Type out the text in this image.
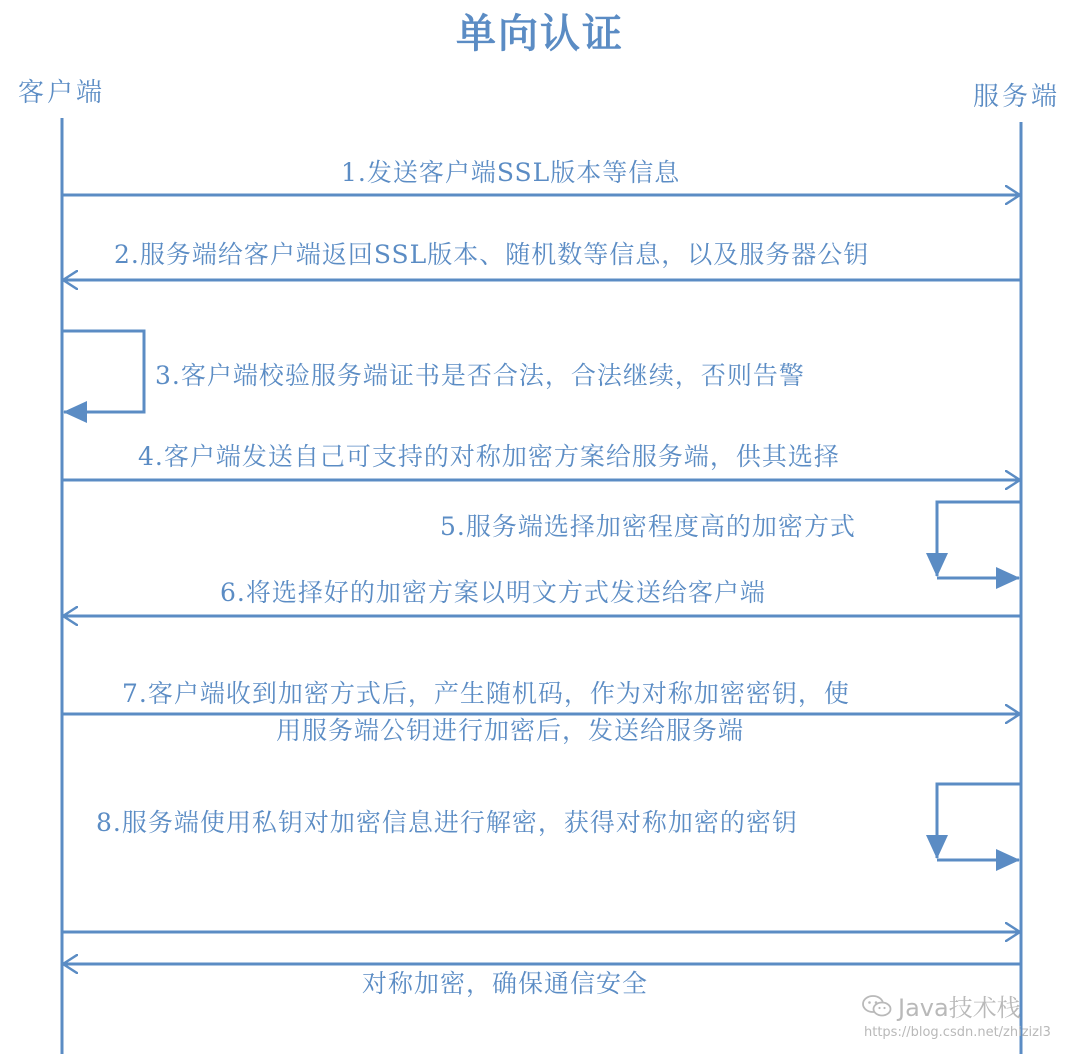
单向认证
客户端	服务端
1.发送客户端SSL版本等信息
2.服务端给客户端返回SSL版本、随机数等信息，以及服务器公钥
3.客户端校验服务端证书是否合法，合法继续，否则告警
4.客户端发送自己可支持的对称加密方案给服务端，供其选择
5.服务端选择加密程度高的加密方式
6.将选择好的加密方案以明文方式发送给客户端
7.客户端收到加密方式后，产生随机码，作为对称加密密钥，使
用服务端公钥进行加密后，发送给服务端
8.服务端使用私钥对加密信息进行解密，获得对称加密的密钥
对称加密，确保通信安全
Java技术栈
https://blog.csdn.net/zhizizl3
